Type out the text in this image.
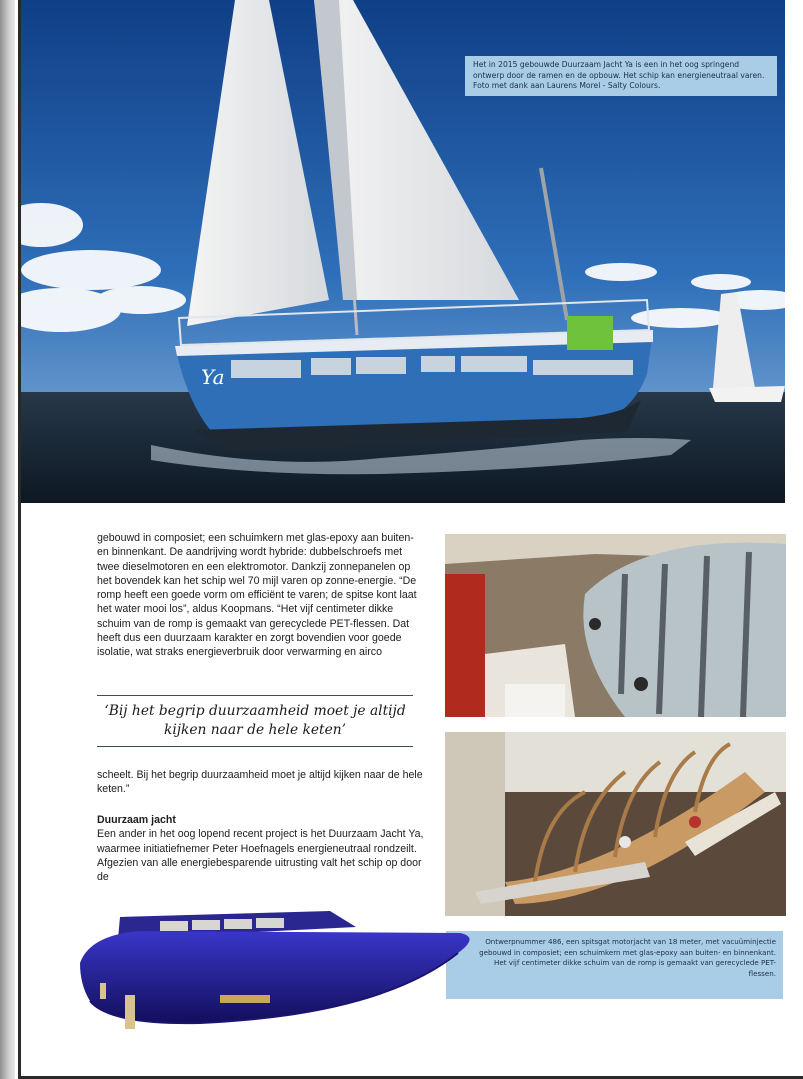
Ya
Het in 2015 gebouwde Duurzaam Jacht Ya is een in het oog springend ontwerp door de ramen en de opbouw. Het schip kan energieneutraal varen. Foto met dank aan Laurens Morel - Salty Colours.
gebouwd in composiet; een schuimkern met glas-epoxy aan buiten- en binnenkant. De aandrijving wordt hybride: dubbelschroefs met twee dieselmotoren en een elektromotor. Dankzij zonnepanelen op het bovendek kan het schip wel 70 mijl varen op zonne-energie. “De romp heeft een goede vorm om efficiënt te varen; de spitse kont laat het water mooi los”, aldus Koopmans. “Het vijf centimeter dikke schuim van de romp is gemaakt van gerecyclede PET-flessen. Dat heeft dus een duurzaam karakter en zorgt bovendien voor goede isolatie, wat straks energieverbruik door verwarming en airco
‘Bij het begrip duurzaamheid moet je altijd kijken naar de hele keten’
scheelt. Bij het begrip duurzaamheid moet je altijd kijken naar de hele keten.”
Duurzaam jacht
Een ander in het oog lopend recent project is het Duurzaam Jacht Ya, waarmee initiatiefnemer Peter Hoefnagels energieneutraal rondzeilt. Afgezien van alle energiebesparende uitrusting valt het schip op door de
Ontwerpnummer 486, een spitsgat motorjacht van 18 meter, met vacuüminjectie gebouwd in composiet; een schuimkern met glas-epoxy aan buiten- en binnenkant. Het vijf centimeter dikke schuim van de romp is gemaakt van gerecyclede PET-flessen.
